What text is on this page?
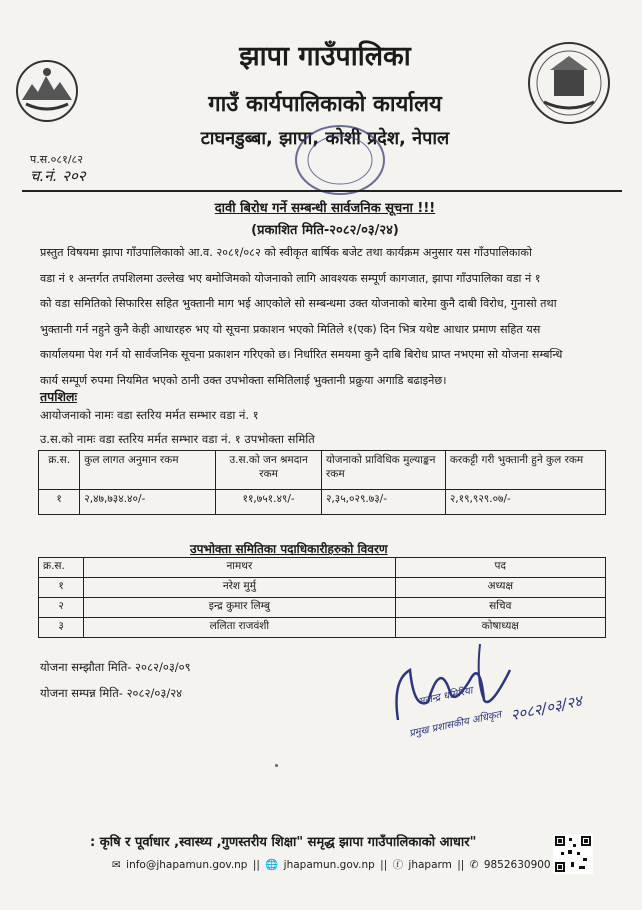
झापा गाउँपालिका
गाउँ कार्यपालिकाको कार्यालय
टाघनडुब्बा, झापा, कोशी प्रदेश, नेपाल
प.स.०८१/८२
च.नं. २०२
दावी बिरोध गर्ने सम्बन्धी सार्वजनिक सूचना !!!
(प्रकाशित मिति-२०८२/०३/२४)
प्रस्तुत विषयमा झापा गाँउपालिकाको आ.व. २०८१/०८२ को स्वीकृत बार्षिक बजेट तथा कार्यक्रम अनुसार यस गाँउपालिकाको
वडा नं १ अन्तर्गत तपशिलमा उल्लेख भए बमोजिमको योजनाको लागि आवश्यक सम्पूर्ण कागजात, झापा गाँउपालिका वडा नं १
को वडा समितिको सिफारिस सहित भुक्तानी माग भई आएकोले सो सम्बन्धमा उक्त योजनाको बारेमा कुनै दाबी विरोध, गुनासो तथा
भुक्तानी गर्न नहुने कुनै केही आधारहरु भए यो सूचना प्रकाशन भएको मितिले १(एक) दिन भित्र यथेष्ट आधार प्रमाण सहित यस
कार्यालयमा पेश गर्न यो सार्वजनिक सूचना प्रकाशन गरिएको छ। निर्धारित समयमा कुनै दाबि बिरोध प्राप्त नभएमा सो योजना सम्बन्धि
कार्य सम्पूर्ण रुपमा नियमित भएको ठानी उक्त उपभोक्ता समितिलाई भुक्तानी प्रक्रुया अगाडि बढाइनेछ।
तपशिलः
आयोजनाको नामः वडा स्तरिय मर्मत सम्भार वडा नं. १
उ.स.को नामः वडा स्तरिय मर्मत सम्भार वडा नं. १ उपभोक्ता समिति
क्र.स.	कुल लागत अनुमान रकम	उ.स.को जन श्रमदान रकम	योजनाको प्राविधिक मुल्याङ्कन रकम	करकट्टी गरी भुक्तानी हुने कुल रकम
१	२,४७,७३४.४०/-	११,७५१.४९/-	२,३५,०२९.७३/-	२,१९,९२९.०७/-
उपभोक्ता समितिका पदाधिकारीहरुको विवरण
क्र.स.	नामथर	पद
१	नरेश मुर्मु	अध्यक्ष
२	इन्द्र कुमार लिम्बु	सचिव
३	ललिता राजवंशी	कोषाध्यक्ष
योजना सम्झौता मिति- २०८२/०३/०९
योजना सम्पन्न मिति- २०८२/०३/२४	मजेन्द्र धमिरिया
प्रमुख प्रशासकीय अधिकृत
२०८२/०३/२४
: कृषि र पूर्वाधार ,स्वास्थ्य ,गुणस्तरीय शिक्षा" समृद्ध झापा गाउँपालिकाको आधार"
✉ info@jhapamun.gov.np || 🌐 jhapamun.gov.np || ⓕ jhaparm || ✆ 9852630900
